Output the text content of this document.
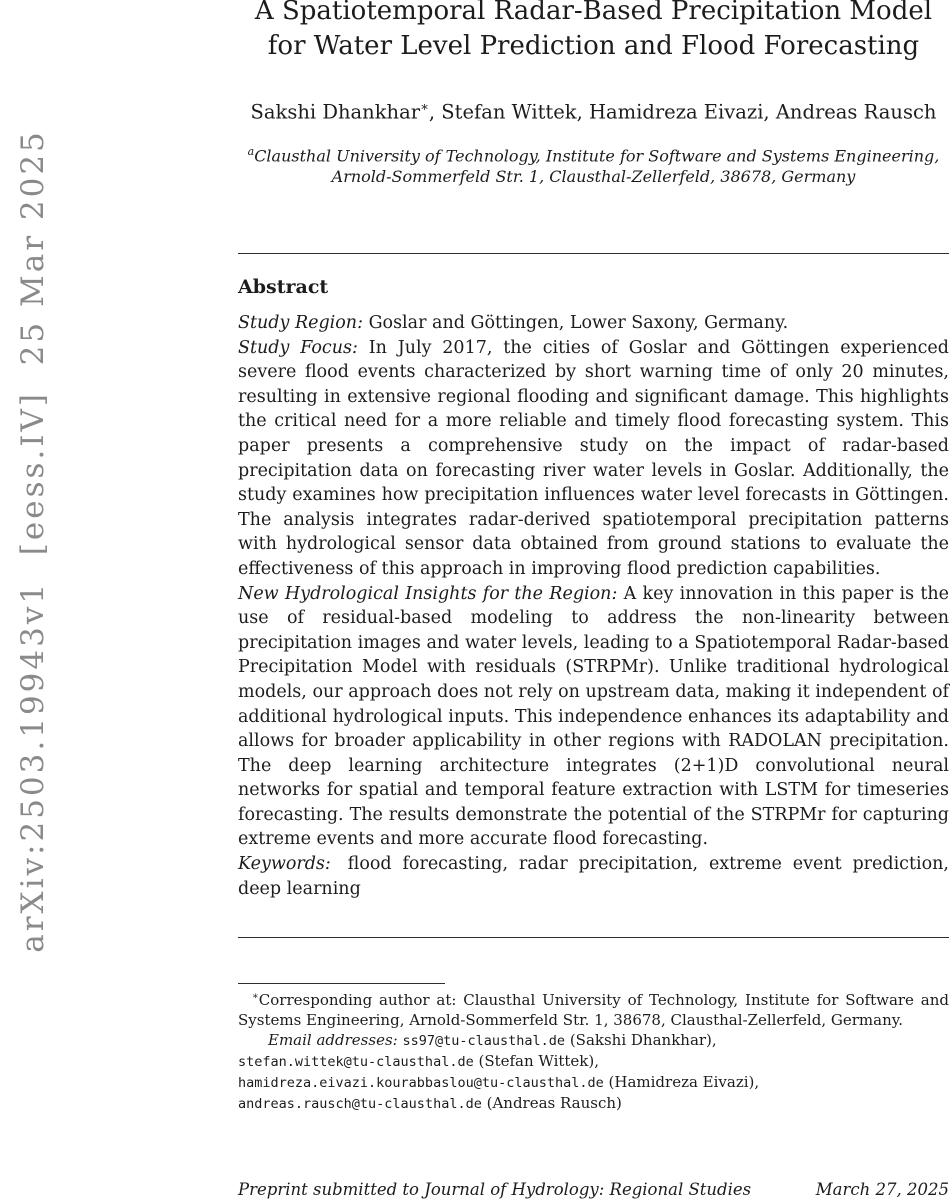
arXiv:2503.19943v1  [eess.IV]  25 Mar 2025
A Spatiotemporal Radar-Based Precipitation Model for Water Level Prediction and Flood Forecasting
Sakshi Dhankhar∗, Stefan Wittek, Hamidreza Eivazi, Andreas Rausch
$^a$Clausthal University of Technology, Institute for Software and Systems Engineering, Arnold-Sommerfeld Str. 1, Clausthal-Zellerfeld, 38678, Germany
Abstract

Study Region: Goslar and Göttingen, Lower Saxony, Germany.

Study Focus: In July 2017, the cities of Goslar and Göttingen experienced severe flood events characterized by short warning time of only 20 minutes, resulting in extensive regional flooding and significant damage. This highlights the critical need for a more reliable and timely flood forecasting system. This paper presents a comprehensive study on the impact of radar-based precipitation data on forecasting river water levels in Goslar. Additionally, the study examines how precipitation influences water level forecasts in Göttingen. The analysis integrates radar-derived spatiotemporal precipitation patterns with hydrological sensor data obtained from ground stations to evaluate the effectiveness of this approach in improving flood prediction capabilities.

New Hydrological Insights for the Region: A key innovation in this paper is the use of residual-based modeling to address the non-linearity between precipitation images and water levels, leading to a Spatiotemporal Radar-based Precipitation Model with residuals (STRPMr). Unlike traditional hydrological models, our approach does not rely on upstream data, making it independent of additional hydrological inputs. This independence enhances its adaptability and allows for broader applicability in other regions with RADOLAN precipitation. The deep learning architecture integrates (2+1)D convolutional neural networks for spatial and temporal feature extraction with LSTM for timeseries forecasting. The results demonstrate the potential of the STRPMr for capturing extreme events and more accurate flood forecasting.

Keywords: flood forecasting, radar precipitation, extreme event prediction, deep learning

∗Corresponding author at: Clausthal University of Technology, Institute for Software and Systems Engineering, Arnold-Sommerfeld Str. 1, 38678, Clausthal-Zellerfeld, Germany.

Email addresses: ss97@tu-clausthal.de (Sakshi Dhankhar),
stefan.wittek@tu-clausthal.de (Stefan Wittek),
hamidreza.eivazi.kourabbaslou@tu-clausthal.de (Hamidreza Eivazi),
andreas.rausch@tu-clausthal.de (Andreas Rausch)
Preprint submitted to Journal of Hydrology: Regional Studies	March 27, 2025
